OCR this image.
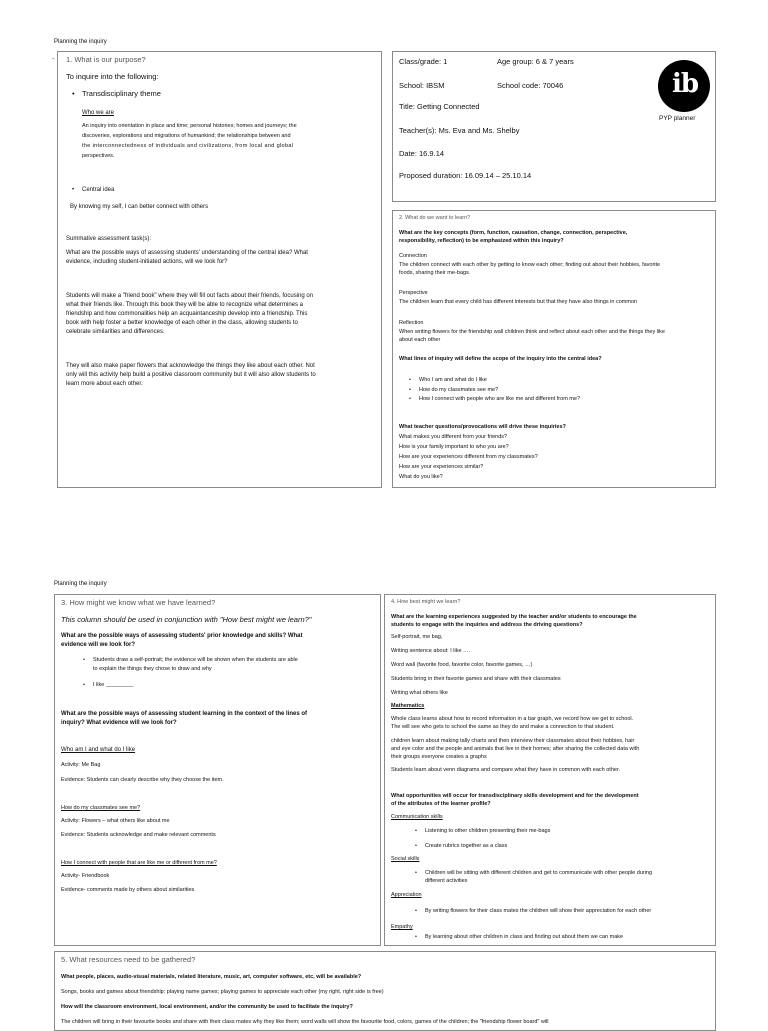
Planning the inquiry
- 1. What is our purpose?
To inquire into the following:
• Transdisciplinary theme
Who we are
An inquiry into orientation in place and time; personal histories; homes and journeys; the
discoveries, explorations and migrations of humankind; the relationships between and
the interconnectedness of individuals and civilizations, from local and global
perspectives.
• Central idea
By knowing my self, I can better connect with others
Summative assessment task(s):
What are the possible ways of assessing students' understanding of the central idea? What
evidence, including student-initiated actions, will we look for?
Students will make a "friend book" where they will fill out facts about their friends, focusing on
what their friends like. Through this book they will be able to recognize what determines a
friendship and how commonalities help an acquaintanceship develop into a friendship. This
book with help foster a better knowledge of each other in the class, allowing students to
celebrate similarities and differences.
They will also make paper flowers that acknowledge the things they like about each other. Not
only will this activity help build a positive classroom community but it will also allow students to
learn more about each other.
Class/grade: 1	Age group: 6 & 7 years
School: IBSM	School code: 70046
Title: Getting Connected
Teacher(s): Ms. Eva and Ms. Shelby
Date: 16.9.14
Proposed duration: 16.09.14 – 25.10.14
ib
PYP planner
2. What do we want to learn?
What are the key concepts (form, function, causation, change, connection, perspective,
responsibility, reflection) to be emphasized within this inquiry?
Connection
The children connect with each other by getting to know each other; finding out about their hobbies, favorite
foods, sharing their me-bags.
Perspective
The children learn that every child has different interests but that they have also things in common
Reflection
When writing flowers for the friendship wall children think and reflect about each other and the things they like
about each other
What lines of inquiry will define the scope of the inquiry into the central idea?
• Who I am and what do I like
• How do my classmates see me?
• How I connect with people who are like me and different from me?
What teacher questions/provocations will drive these inquiries?
What makes you different from your friends?
How is your family important to who you are?
How are your experiences different from my classmates?
How are your experiences similar?
What do you like?
Planning the inquiry
3. How might we know what we have learned?
This column should be used in conjunction with "How best might we learn?"
What are the possible ways of assessing students' prior knowledge and skills? What
evidence will we look for?
• Students draw a self-portrait; the evidence will be shown when the students are able
to explain the things they chose to draw and why
• I like _________
What are the possible ways of assessing student learning in the context of the lines of
inquiry? What evidence will we look for?
Who am I and what do I like
Activity: Me Bag
Evidence: Students can clearly describe why they choose the item.
How do my classmates see me?
Activity: Flowers – what others like about me
Evidence: Students acknowledge and make relevant comments
How I connect with people that are like me or different from me?
Activity- Friendbook
Evidence- comments made by others about similarities
4. How best might we learn?
What are the learning experiences suggested by the teacher and/or students to encourage the
students to engage with the inquiries and address the driving questions?
Self-portrait, me bag,
Writing sentence about: I like ….
Word wall (favorite food, favorite color, favorite games, …)
Students bring in their favorite games and share with their classmates
Writing what others like
Mathematics
Whole class learns about how to record information in a bar graph, we record how we get to school.
The will see who gets to school the same as they do and make a connection to that student.
children learn about making tally charts and then interview their classmates about their hobbies, hair
and eye color and the people and animals that live in their homes; after sharing the collected data with
their groups everyone creates a graphs
Students learn about venn diagrams and compare what they have in common with each other.
What opportunities will occur for transdisciplinary skills development and for the development
of the attributes of the learner profile?
Communication skills
• Listening to other children presenting their me-bags
• Create rubrics together as a class
Social skills
• Children will be sitting with different children and get to communicate with other people during
different activities
Appreciation
• By writing flowers for their class mates the children will show their appreciation for each other
Empathy
• By learning about other children in class and finding out about them we can make
5. What resources need to be gathered?
What people, places, audio-visual materials, related literature, music, art, computer software, etc, will be available?
Songs, books and games about friendship; playing name games; playing games to appreciate each other (my right, right side is free)
How will the classroom environment, local environment, and/or the community be used to facilitate the inquiry?
The children will bring in their favourite books and share with their class mates why they like them; word walls will show the favourite food, colors, games of the children; the "friendship flower board" will
